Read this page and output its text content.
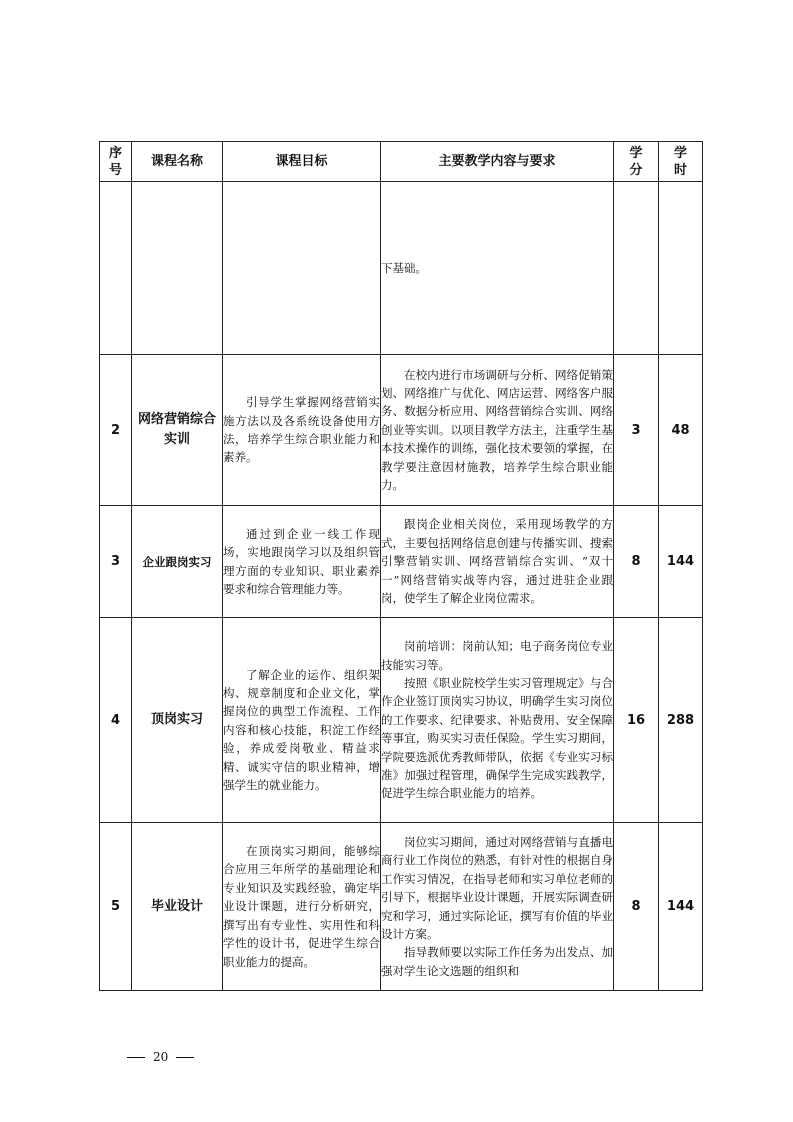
序号	课程名称	课程目标	主要教学内容与要求	学分	学时

			下基础。		

2	网络营销综合实训	引导学生掌握网络营销实施方法以及各系统设备使用方法，培养学生综合职业能力和素养。	在校内进行市场调研与分析、网络促销策划、网络推广与优化、网店运营、网络客户服务、数据分析应用、网络营销综合实训、网络创业等实训。以项目教学方法主，注重学生基本技术操作的训练，强化技术要领的掌握，在教学要注意因材施教，培养学生综合职业能力。	3	48
3	企业跟岗实习	通过到企业一线工作现场，实地跟岗学习以及组织管理方面的专业知识、职业素养要求和综合管理能力等。	跟岗企业相关岗位，采用现场教学的方式，主要包括网络信息创建与传播实训、搜索引擎营销实训、网络营销综合实训、“双十一”网络营销实战等内容，通过进驻企业跟岗，使学生了解企业岗位需求。	8	144
4	顶岗实习	了解企业的运作、组织架构、规章制度和企业文化，掌握岗位的典型工作流程、工作内容和核心技能，积淀工作经验，养成爱岗敬业、精益求精、诚实守信的职业精神，增强学生的就业能力。	岗前培训：岗前认知；电子商务岗位专业技能实习等。

按照《职业院校学生实习管理规定》与合作企业签订顶岗实习协议，明确学生实习岗位的工作要求、纪律要求、补贴费用、安全保障等事宜，购买实习责任保险。学生实习期间，学院要选派优秀教师带队，依据《专业实习标准》加强过程管理，确保学生完成实践教学，促进学生综合职业能力的培养。	16	288
5	毕业设计	在顶岗实习期间，能够综合应用三年所学的基础理论和专业知识及实践经验，确定毕业设计课题，进行分析研究，撰写出有专业性、实用性和科学性的设计书，促进学生综合职业能力的提高。	岗位实习期间，通过对网络营销与直播电商行业工作岗位的熟悉，有针对性的根据自身工作实习情况，在指导老师和实习单位老师的引导下，根据毕业设计课题，开展实际调查研究和学习，通过实际论证，撰写有价值的毕业设计方案。

指导教师要以实际工作任务为出发点、加强对学生论文选题的组织和	8	144
20
